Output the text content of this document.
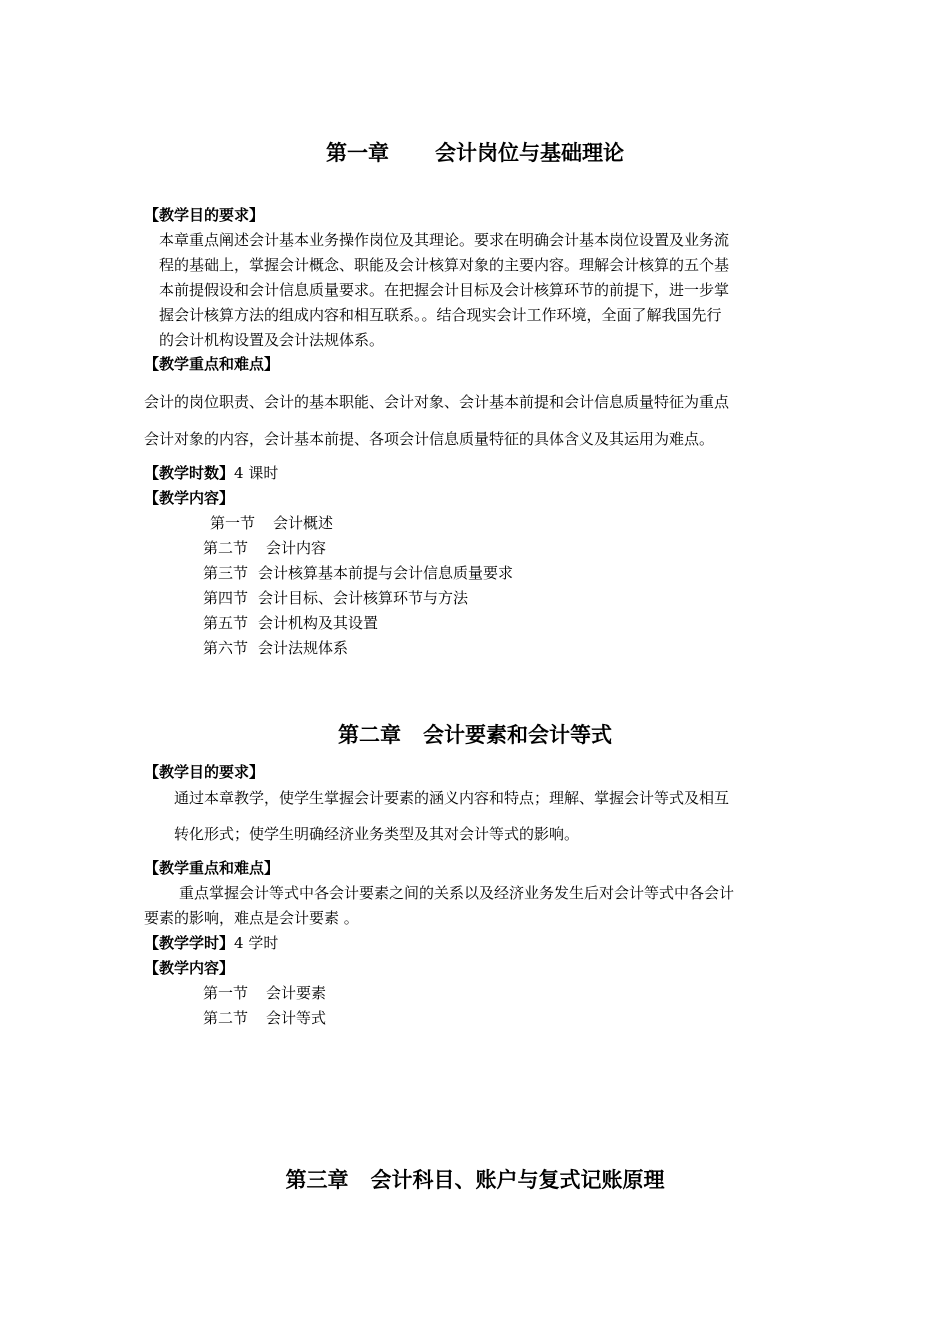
第一章 会计岗位与基础理论
【教学目的要求】
本章重点阐述会计基本业务操作岗位及其理论。要求在明确会计基本岗位设置及业务流
程的基础上，掌握会计概念、职能及会计核算对象的主要内容。理解会计核算的五个基
本前提假设和会计信息质量要求。在把握会计目标及会计核算环节的前提下，进一步掌
握会计核算方法的组成内容和相互联系。。结合现实会计工作环境，全面了解我国先行
的会计机构设置及会计法规体系。
【教学重点和难点】
会计的岗位职责、会计的基本职能、会计对象、会计基本前提和会计信息质量特征为重点
会计对象的内容，会计基本前提、各项会计信息质量特征的具体含义及其运用为难点。
【教学时数】4 课时
【教学内容】
第一节 会计概述
第二节 会计内容
第三节 会计核算基本前提与会计信息质量要求
第四节 会计目标、会计核算环节与方法
第五节 会计机构及其设置
第六节 会计法规体系
第二章 会计要素和会计等式
【教学目的要求】
通过本章教学，使学生掌握会计要素的涵义内容和特点；理解、掌握会计等式及相互
转化形式；使学生明确经济业务类型及其对会计等式的影响。
【教学重点和难点】
重点掌握会计等式中各会计要素之间的关系以及经济业务发生后对会计等式中各会计
要素的影响，难点是会计要素 。
【教学学时】4 学时
【教学内容】
第一节 会计要素
第二节 会计等式
第三章 会计科目、账户与复式记账原理
